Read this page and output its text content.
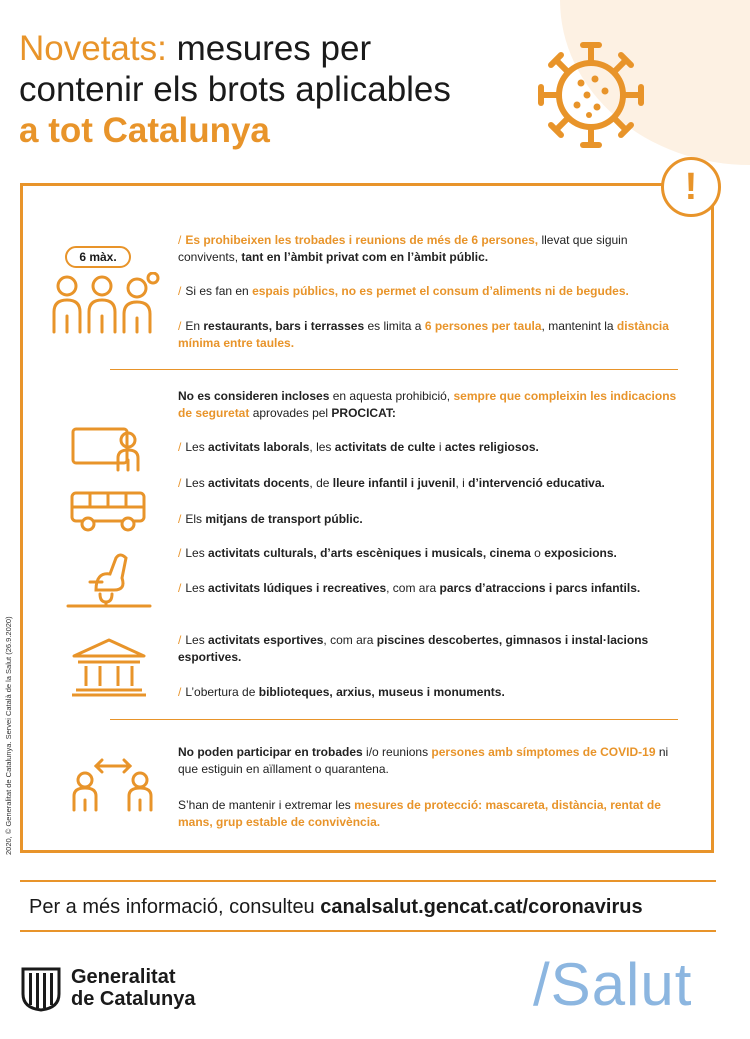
Novetats: mesures per
contenir els brots aplicables
a tot Catalunya
2020, © Generalitat de Catalunya. Servei Català de la Salut (26.9.2020)
!
6 màx.
/ Es prohibeixen les trobades i reunions de més de 6 persones, llevat que siguin convivents, tant en l’àmbit privat com en l’àmbit públic.
/ Si es fan en espais públics, no es permet el consum d’aliments ni de begudes.
/ En restaurants, bars i terrasses es limita a 6 persones per taula, mantenint la distància mínima entre taules.
No es consideren incloses en aquesta prohibició, sempre que compleixin les indicacions de seguretat aprovades pel PROCICAT:
/ Les activitats laborals, les activitats de culte i actes religiosos.
/ Les activitats docents, de lleure infantil i juvenil, i d’intervenció educativa.
/ Els mitjans de transport públic.
/ Les activitats culturals, d’arts escèniques i musicals, cinema o exposicions.
/ Les activitats lúdiques i recreatives, com ara parcs d’atraccions i parcs infantils.
/ Les activitats esportives, com ara piscines descobertes, gimnasos i instal·lacions esportives.
/ L’obertura de biblioteques, arxius, museus i monuments.
No poden participar en trobades i/o reunions persones amb símptomes de COVID-19 ni que estiguin en aïllament o quarantena.
S’han de mantenir i extremar les mesures de protecció: mascareta, distància, rentat de mans, grup estable de convivència.
Per a més informació, consulteu canalsalut.gencat.cat/coronavirus
Generalitat
de Catalunya	/Salut
